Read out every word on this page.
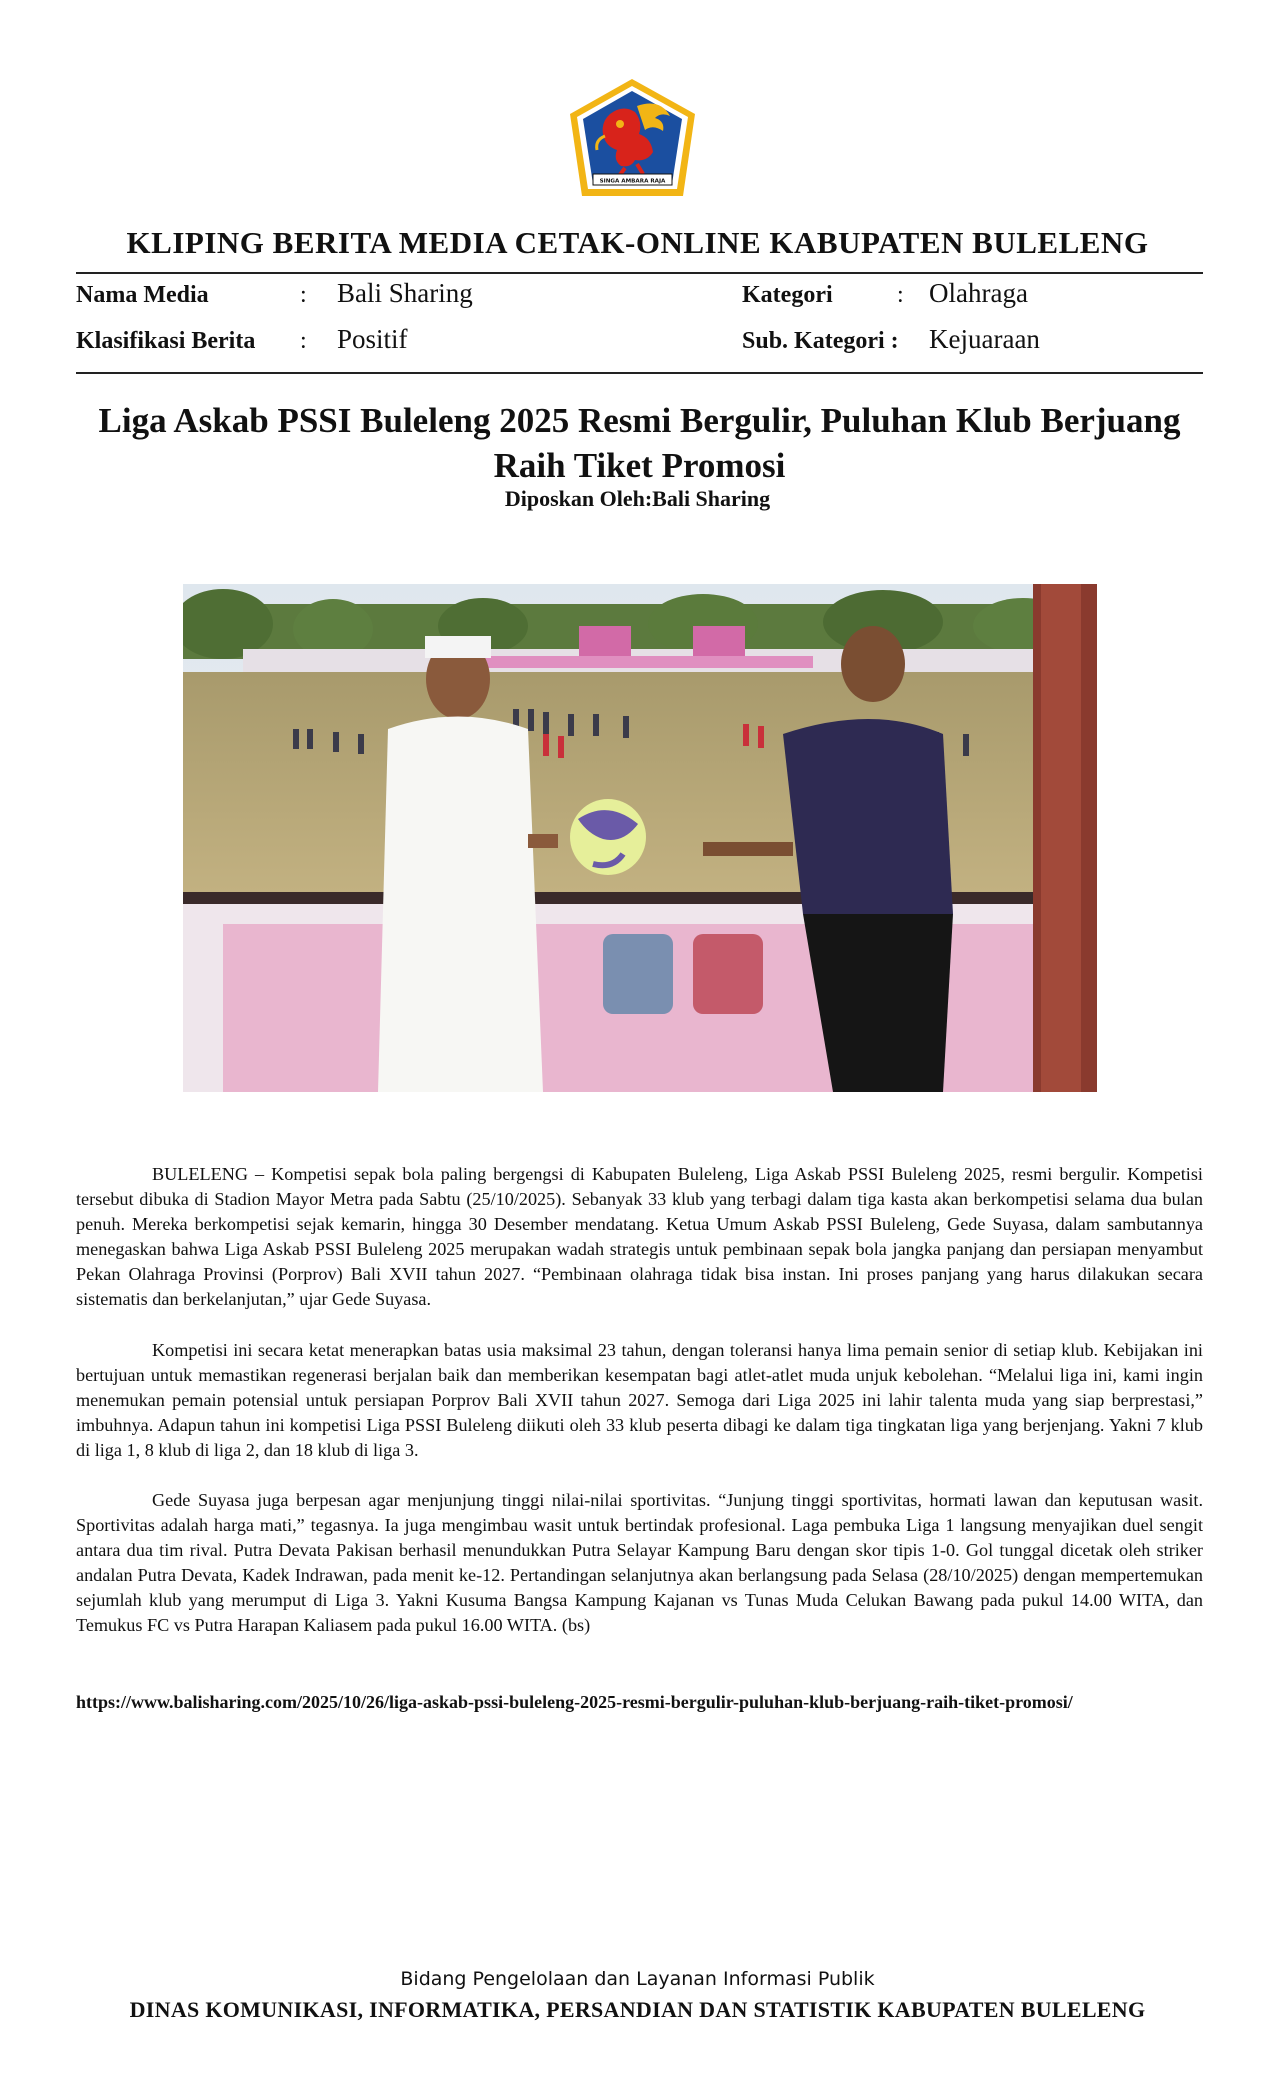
SINGA AMBARA RAJA
KLIPING BERITA MEDIA CETAK-ONLINE KABUPATEN BULELENG
Nama Media	: Bali Sharing	Kategori	: Olahraga
Klasifikasi Berita : Positif	Sub. Kategori : Kejuaraan
Liga Askab PSSI Buleleng 2025 Resmi Bergulir, Puluhan Klub Berjuang Raih Tiket Promosi
Diposkan Oleh:Bali Sharing

BULELENG – Kompetisi sepak bola paling bergengsi di Kabupaten Buleleng, Liga Askab PSSI Buleleng 2025, resmi bergulir. Kompetisi tersebut dibuka di Stadion Mayor Metra pada Sabtu (25/10/2025). Sebanyak 33 klub yang terbagi dalam tiga kasta akan berkompetisi selama dua bulan penuh. Mereka berkompetisi sejak kemarin, hingga 30 Desember mendatang. Ketua Umum Askab PSSI Buleleng, Gede Suyasa, dalam sambutannya menegaskan bahwa Liga Askab PSSI Buleleng 2025 merupakan wadah strategis untuk pembinaan sepak bola jangka panjang dan persiapan menyambut Pekan Olahraga Provinsi (Porprov) Bali XVII tahun 2027. “Pembinaan olahraga tidak bisa instan. Ini proses panjang yang harus dilakukan secara sistematis dan berkelanjutan,” ujar Gede Suyasa.

Kompetisi ini secara ketat menerapkan batas usia maksimal 23 tahun, dengan toleransi hanya lima pemain senior di setiap klub. Kebijakan ini bertujuan untuk memastikan regenerasi berjalan baik dan memberikan kesempatan bagi atlet-atlet muda unjuk kebolehan. “Melalui liga ini, kami ingin menemukan pemain potensial untuk persiapan Porprov Bali XVII tahun 2027. Semoga dari Liga 2025 ini lahir talenta muda yang siap berprestasi,” imbuhnya. Adapun tahun ini kompetisi Liga PSSI Buleleng diikuti oleh 33 klub peserta dibagi ke dalam tiga tingkatan liga yang berjenjang. Yakni 7 klub di liga 1, 8 klub di liga 2, dan 18 klub di liga 3.

Gede Suyasa juga berpesan agar menjunjung tinggi nilai-nilai sportivitas. “Junjung tinggi sportivitas, hormati lawan dan keputusan wasit. Sportivitas adalah harga mati,” tegasnya. Ia juga mengimbau wasit untuk bertindak profesional. Laga pembuka Liga 1 langsung menyajikan duel sengit antara dua tim rival. Putra Devata Pakisan berhasil menundukkan Putra Selayar Kampung Baru dengan skor tipis 1-0. Gol tunggal dicetak oleh striker andalan Putra Devata, Kadek Indrawan, pada menit ke-12. Pertandingan selanjutnya akan berlangsung pada Selasa (28/10/2025) dengan mempertemukan sejumlah klub yang merumput di Liga 3. Yakni Kusuma Bangsa Kampung Kajanan vs Tunas Muda Celukan Bawang pada pukul 14.00 WITA, dan Temukus FC vs Putra Harapan Kaliasem pada pukul 16.00 WITA. (bs)

https://www.balisharing.com/2025/10/26/liga-askab-pssi-buleleng-2025-resmi-bergulir-puluhan-klub-berjuang-raih-tiket-promosi/

Bidang Pengelolaan dan Layanan Informasi Publik
DINAS KOMUNIKASI, INFORMATIKA, PERSANDIAN DAN STATISTIK KABUPATEN BULELENG
